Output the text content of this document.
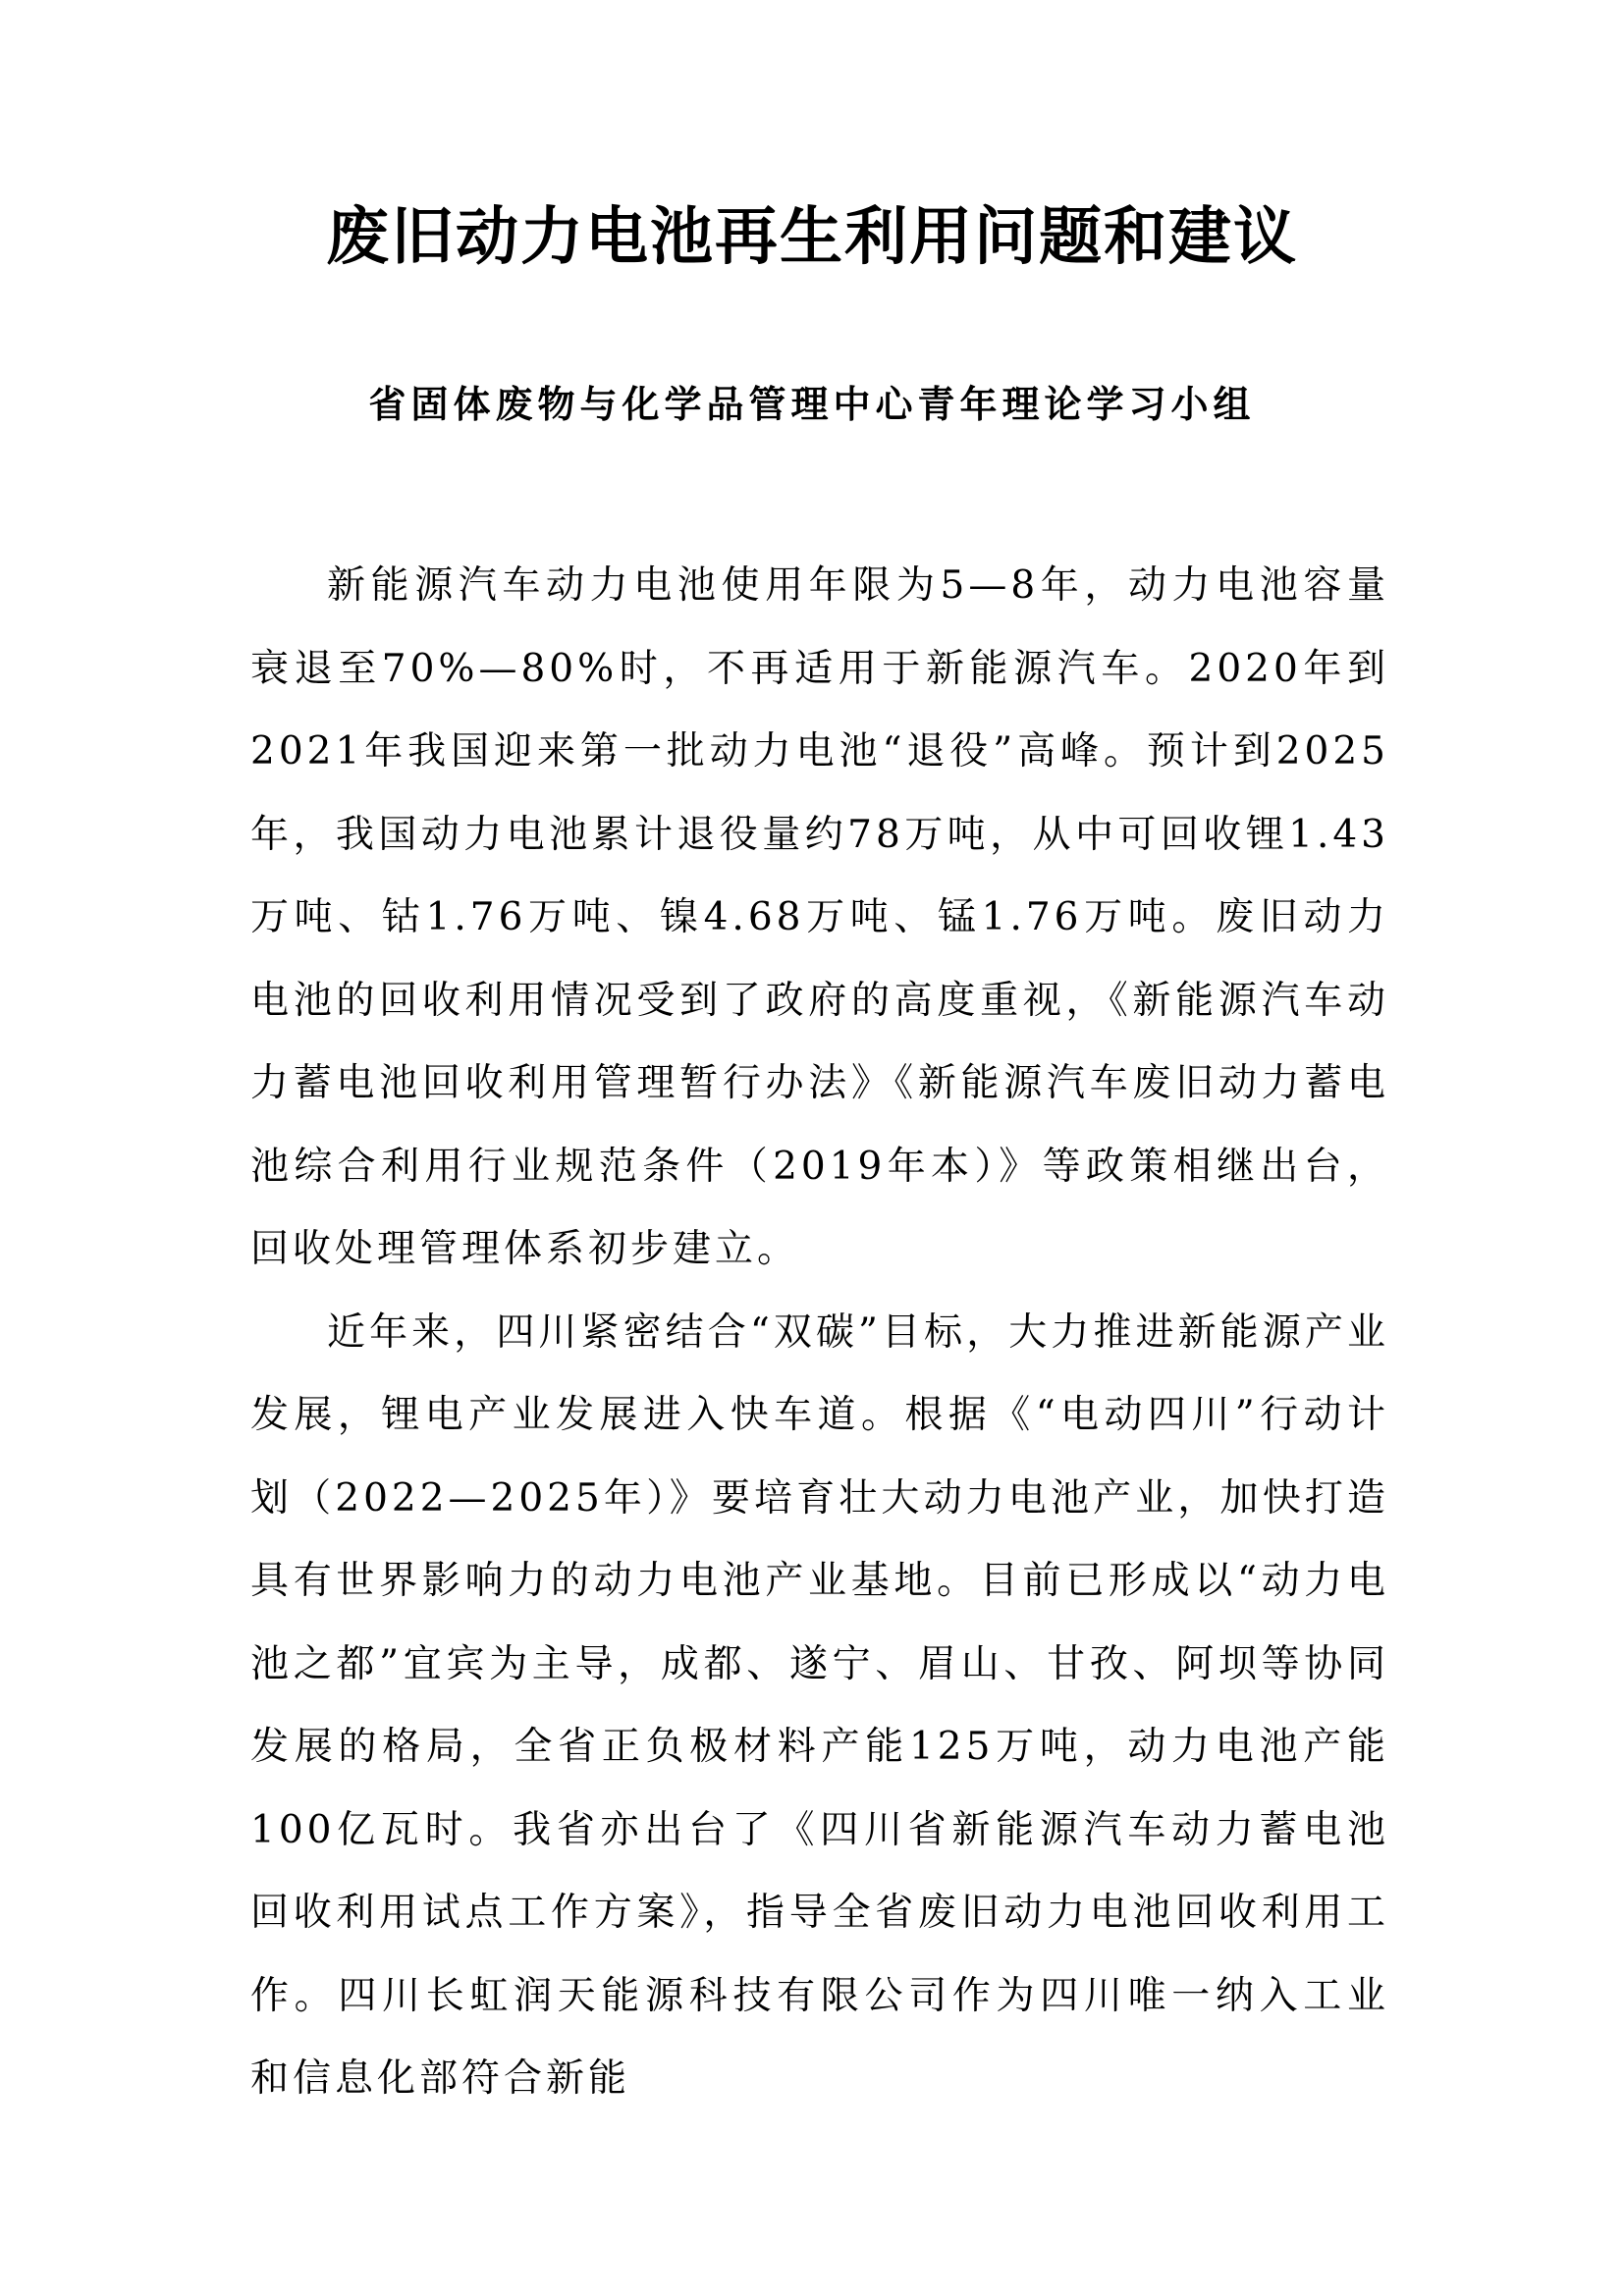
废旧动力电池再生利用问题和建议
省固体废物与化学品管理中心青年理论学习小组

新能源汽车动力电池使用年限为5—8年，动力电池容量衰退至70%—80%时，不再适用于新能源汽车。2020年到2021年我国迎来第一批动力电池“退役”高峰。预计到2025年，我国动力电池累计退役量约78万吨，从中可回收锂1.43万吨、钴1.76万吨、镍4.68万吨、锰1.76万吨。废旧动力电池的回收利用情况受到了政府的高度重视，《新能源汽车动力蓄电池回收利用管理暂行办法》《新能源汽车废旧动力蓄电池综合利用行业规范条件（2019年本）》等政策相继出台，回收处理管理体系初步建立。

近年来，四川紧密结合“双碳”目标，大力推进新能源产业发展，锂电产业发展进入快车道。根据《“电动四川”行动计划（2022—2025年）》要培育壮大动力电池产业，加快打造具有世界影响力的动力电池产业基地。目前已形成以“动力电池之都”宜宾为主导，成都、遂宁、眉山、甘孜、阿坝等协同发展的格局，全省正负极材料产能125万吨，动力电池产能100亿瓦时。我省亦出台了《四川省新能源汽车动力蓄电池回收利用试点工作方案》，指导全省废旧动力电池回收利用工作。四川长虹润天能源科技有限公司作为四川唯一纳入工业和信息化部符合新能
